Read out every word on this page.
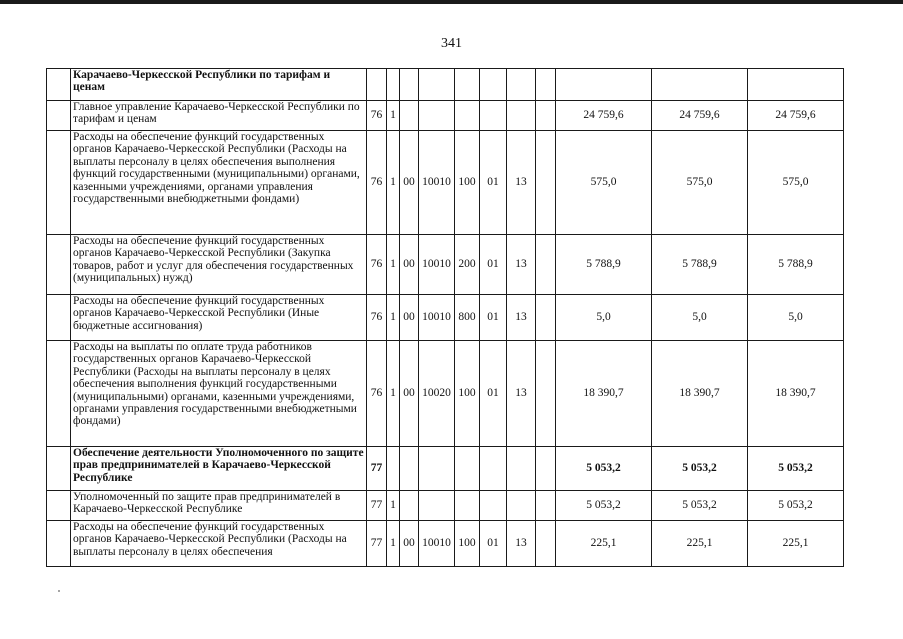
341
	Карачаево-Черкесской Республики по тарифам и ценам											
	Главное управление Карачаево-Черкесской Республики по тарифам и ценам	76	1							24 759,6	24 759,6	24 759,6
	Расходы на обеспечение функций государственных органов Карачаево-Черкесской Республики (Расходы на выплаты персоналу в целях обеспечения выполнения функций государственными (муниципальными) органами, казенными учреждениями, органами управления государственными внебюджетными фондами)	76	1	00	10010	100	01	13		575,0	575,0	575,0
	Расходы на обеспечение функций государственных органов Карачаево-Черкесской Республики (Закупка товаров, работ и услуг для обеспечения государственных (муниципальных) нужд)	76	1	00	10010	200	01	13		5 788,9	5 788,9	5 788,9
	Расходы на обеспечение функций государственных органов Карачаево-Черкесской Республики (Иные бюджетные ассигнования)	76	1	00	10010	800	01	13		5,0	5,0	5,0
	Расходы на выплаты по оплате труда работников государственных органов Карачаево-Черкесской Республики (Расходы на выплаты персоналу в целях обеспечения выполнения функций государственными (муниципальными) органами, казенными учреждениями, органами управления государственными внебюджетными фондами)	76	1	00	10020	100	01	13		18 390,7	18 390,7	18 390,7
	Обеспечение деятельности Уполномоченного по защите прав предпринимателей в Карачаево-Черкесской Республике	77								5 053,2	5 053,2	5 053,2
	Уполномоченный по защите прав предпринимателей в Карачаево-Черкесской Республике	77	1							5 053,2	5 053,2	5 053,2
	Расходы на обеспечение функций государственных органов Карачаево-Черкесской Республики (Расходы на выплаты персоналу в целях обеспечения	77	1	00	10010	100	01	13		225,1	225,1	225,1
